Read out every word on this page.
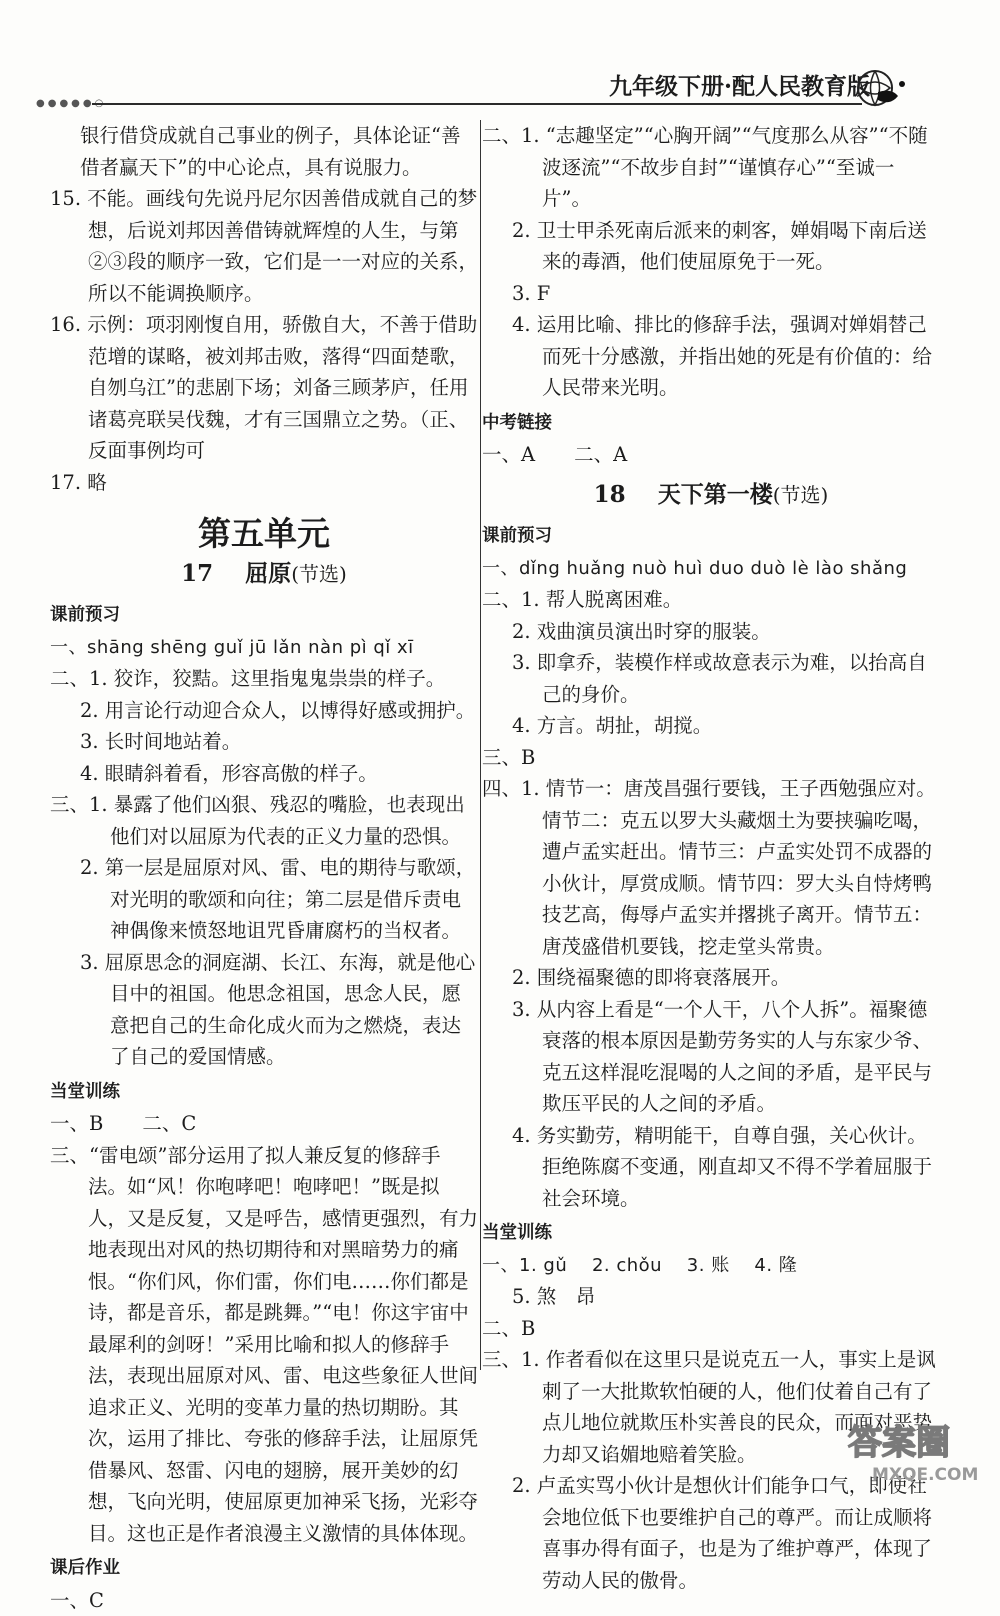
●●●●●○
九年级下册·配人民教育版

银行借贷成就自己事业的例子，具体论证“善借者赢天下”的中心论点，具有说服力。

15. 不能。画线句先说丹尼尔因善借成就自己的梦想，后说刘邦因善借铸就辉煌的人生，与第②③段的顺序一致，它们是一一对应的关系，所以不能调换顺序。

16. 示例：项羽刚愎自用，骄傲自大，不善于借助范增的谋略，被刘邦击败，落得“四面楚歌，自刎乌江”的悲剧下场；刘备三顾茅庐，任用诸葛亮联吴伐魏，才有三国鼎立之势。（正、反面事例均可

17. 略

第五单元
17 屈原(节选)

课前预习

一、shāng shēng guǐ jū lǎn nàn pì qǐ xī

二、1. 狡诈，狡黠。这里指鬼鬼祟祟的样子。

2. 用言论行动迎合众人，以博得好感或拥护。

3. 长时间地站着。

4. 眼睛斜着看，形容高傲的样子。

三、1. 暴露了他们凶狠、残忍的嘴脸，也表现出他们对以屈原为代表的正义力量的恐惧。

2. 第一层是屈原对风、雷、电的期待与歌颂，对光明的歌颂和向往；第二层是借斥责电神偶像来愤怒地诅咒昏庸腐朽的当权者。

3. 屈原思念的洞庭湖、长江、东海，就是他心目中的祖国。他思念祖国，思念人民，愿意把自己的生命化成火而为之燃烧，表达了自己的爱国情感。

当堂训练

一、B　　二、C

三、“雷电颂”部分运用了拟人兼反复的修辞手法。如“风！你咆哮吧！咆哮吧！”既是拟人，又是反复，又是呼告，感情更强烈，有力地表现出对风的热切期待和对黑暗势力的痛恨。“你们风，你们雷，你们电……你们都是诗，都是音乐，都是跳舞。”“电！你这宇宙中最犀利的剑呀！”采用比喻和拟人的修辞手法，表现出屈原对风、雷、电这些象征人世间追求正义、光明的变革力量的热切期盼。其次，运用了排比、夸张的修辞手法，让屈原凭借暴风、怒雷、闪电的翅膀，展开美妙的幻想，飞向光明，使屈原更加神采飞扬，光彩夺目。这也正是作者浪漫主义激情的具体体现。

课后作业

一、C

二、1. “志趣坚定”“心胸开阔”“气度那么从容”“不随波逐流”“不故步自封”“谨慎存心”“至诚一片”。

2. 卫士甲杀死南后派来的刺客，婵娟喝下南后送来的毒酒，他们使屈原免于一死。

3. F

4. 运用比喻、排比的修辞手法，强调对婵娟替己而死十分感激，并指出她的死是有价值的：给人民带来光明。

中考链接

一、A　　二、A

18 天下第一楼(节选)

课前预习

一、dǐng huǎng nuò huì duo duò lè lào shǎng

二、1. 帮人脱离困难。

2. 戏曲演员演出时穿的服装。

3. 即拿乔，装模作样或故意表示为难，以抬高自己的身价。

4. 方言。胡扯，胡搅。

三、B

四、1. 情节一：唐茂昌强行要钱，王子西勉强应对。情节二：克五以罗大头藏烟土为要挟骗吃喝，遭卢孟实赶出。情节三：卢孟实处罚不成器的小伙计，厚赏成顺。情节四：罗大头自恃烤鸭技艺高，侮辱卢孟实并撂挑子离开。情节五：唐茂盛借机要钱，挖走堂头常贵。

2. 围绕福聚德的即将衰落展开。

3. 从内容上看是“一个人干，八个人拆”。福聚德衰落的根本原因是勤劳务实的人与东家少爷、克五这样混吃混喝的人之间的矛盾，是平民与欺压平民的人之间的矛盾。

4. 务实勤劳，精明能干，自尊自强，关心伙计。拒绝陈腐不变通，刚直却又不得不学着屈服于社会环境。

当堂训练

一、1. gǔ　 2. chǒu　 3. 账　 4. 隆

5. 煞　昂

二、B

三、1. 作者看似在这里只是说克五一人，事实上是讽刺了一大批欺软怕硬的人，他们仗着自己有了点儿地位就欺压朴实善良的民众，而面对恶势力却又谄媚地赔着笑脸。

2. 卢孟实骂小伙计是想伙计们能争口气，即使社会地位低下也要维护自己的尊严。而让成顺将喜事办得有面子，也是为了维护尊严，体现了劳动人民的傲骨。

答案圈
MXQE.COM
